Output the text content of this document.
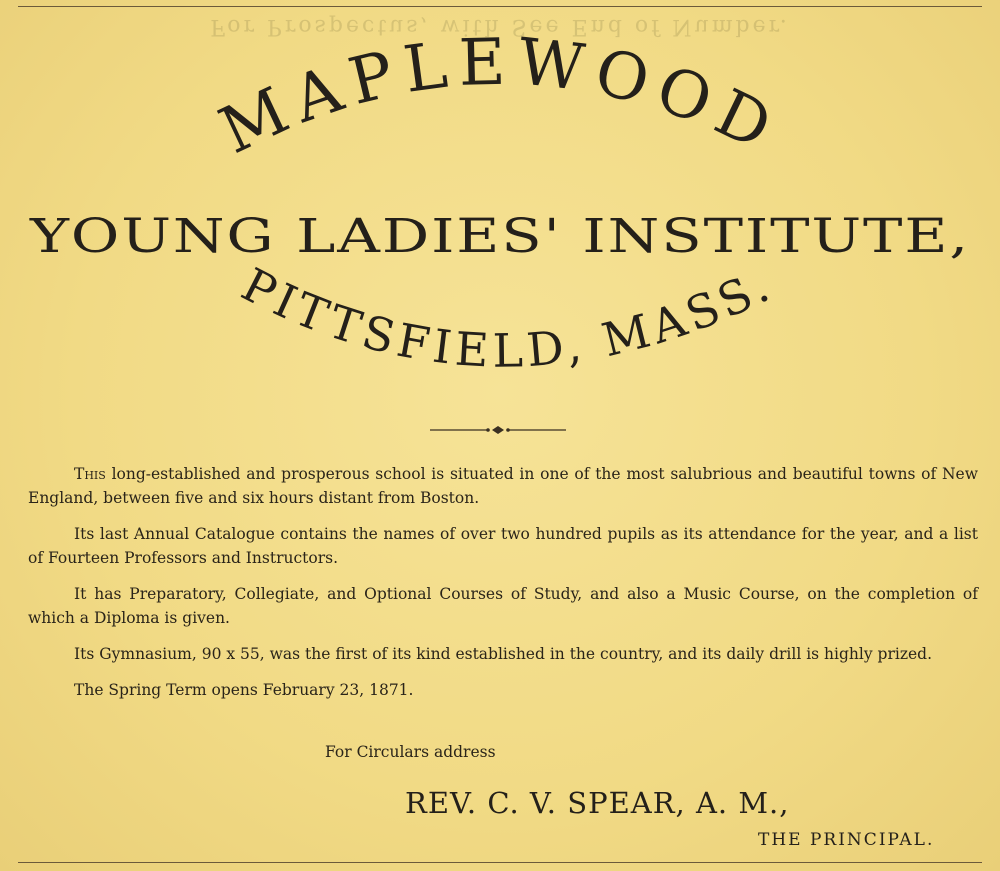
For Prospectus, with See End of Number.
MAPLEWOOD
YOUNG LADIES' INSTITUTE,
PITTSFIELD, MASS.

This long-established and prosperous school is situated in one of the most salubrious and beautiful towns of New England, between five and six hours distant from Boston.

Its last Annual Catalogue contains the names of over two hundred pupils as its attendance for the year, and a list of Fourteen Professors and Instructors.

It has Preparatory, Collegiate, and Optional Courses of Study, and also a Music Course, on the completion of which a Diploma is given.

Its Gymnasium, 90 x 55, was the first of its kind established in the country, and its daily drill is highly prized.

The Spring Term opens February 23, 1871.

For Circulars address
REV. C. V. SPEAR, A. M.,
THE PRINCIPAL.
